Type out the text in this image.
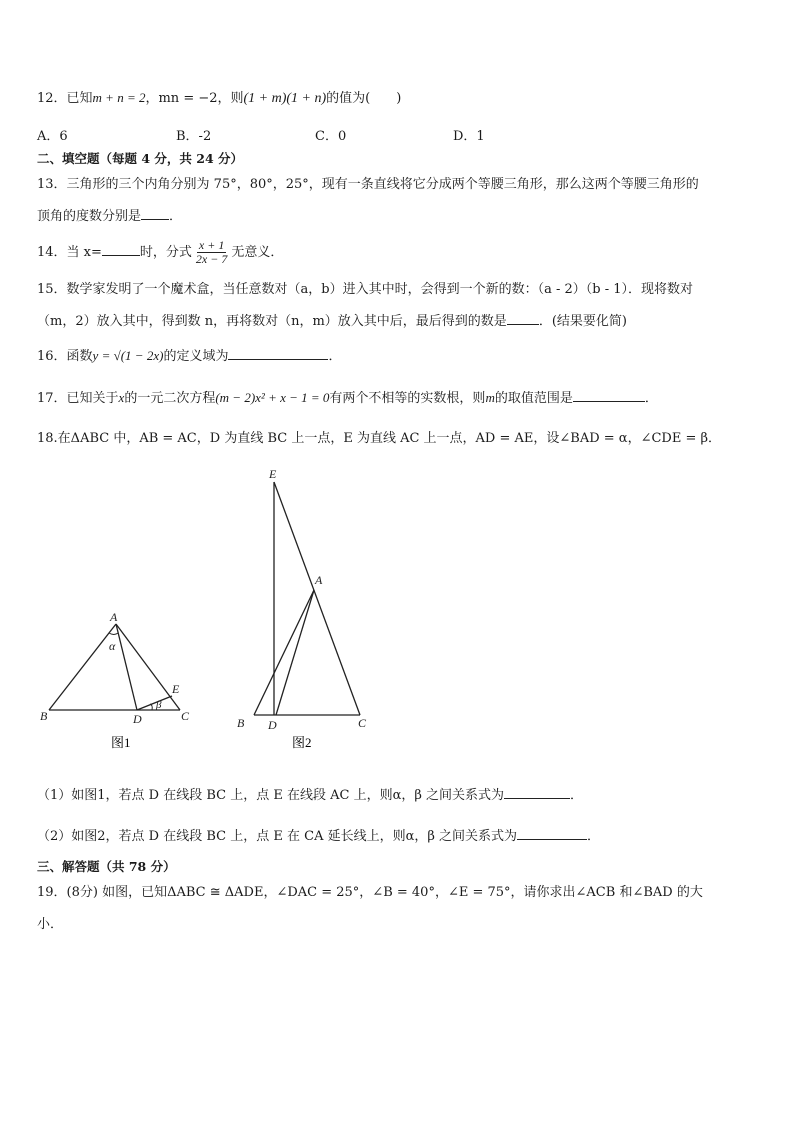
12．已知m + n = 2，mn = −2，则(1 + m)(1 + n)的值为(　　)
A．6	B．-2	C．0	D．1
二、填空题（每题 4 分，共 24 分）
13．三角形的三个内角分别为 75°，80°，25°，现有一条直线将它分成两个等腰三角形，那么这两个等腰三角形的
顶角的度数分别是 ．
14．当 x=	时，分式 $\frac{x + 1}{2x - 7}$ 无意义．
15．数学家发明了一个魔术盒，当任意数对（a，b）进入其中时，会得到一个新的数：（a - 2）（b - 1）．现将数对
（m，2）放入其中，得到数 n，再将数对（n，m）放入其中后，最后得到的数是 ．(结果要化简)
16．函数y = √(1 − 2x)的定义域为	．
17．已知关于x的一元二次方程(m − 2)x² + x − 1 = 0有两个不相等的实数根，则m的取值范围是	．
18.在ΔABC 中，AB = AC，D 为直线 BC 上一点，E 为直线 AC 上一点，AD = AE，设∠BAD = α，∠CDE = β．
A
B	C
D
E
α
β
图1
E
A
B D	C
图2
（1）如图1，若点 D 在线段 BC 上，点 E 在线段 AC 上，则α，β 之间关系式为	．
（2）如图2，若点 D 在线段 BC 上，点 E 在 CA 延长线上，则α，β 之间关系式为	．
三、解答题（共 78 分）
19．(8分) 如图，已知ΔABC ≅ ΔADE，∠DAC = 25°，∠B = 40°，∠E = 75°，请你求出∠ACB 和∠BAD 的大
小．
